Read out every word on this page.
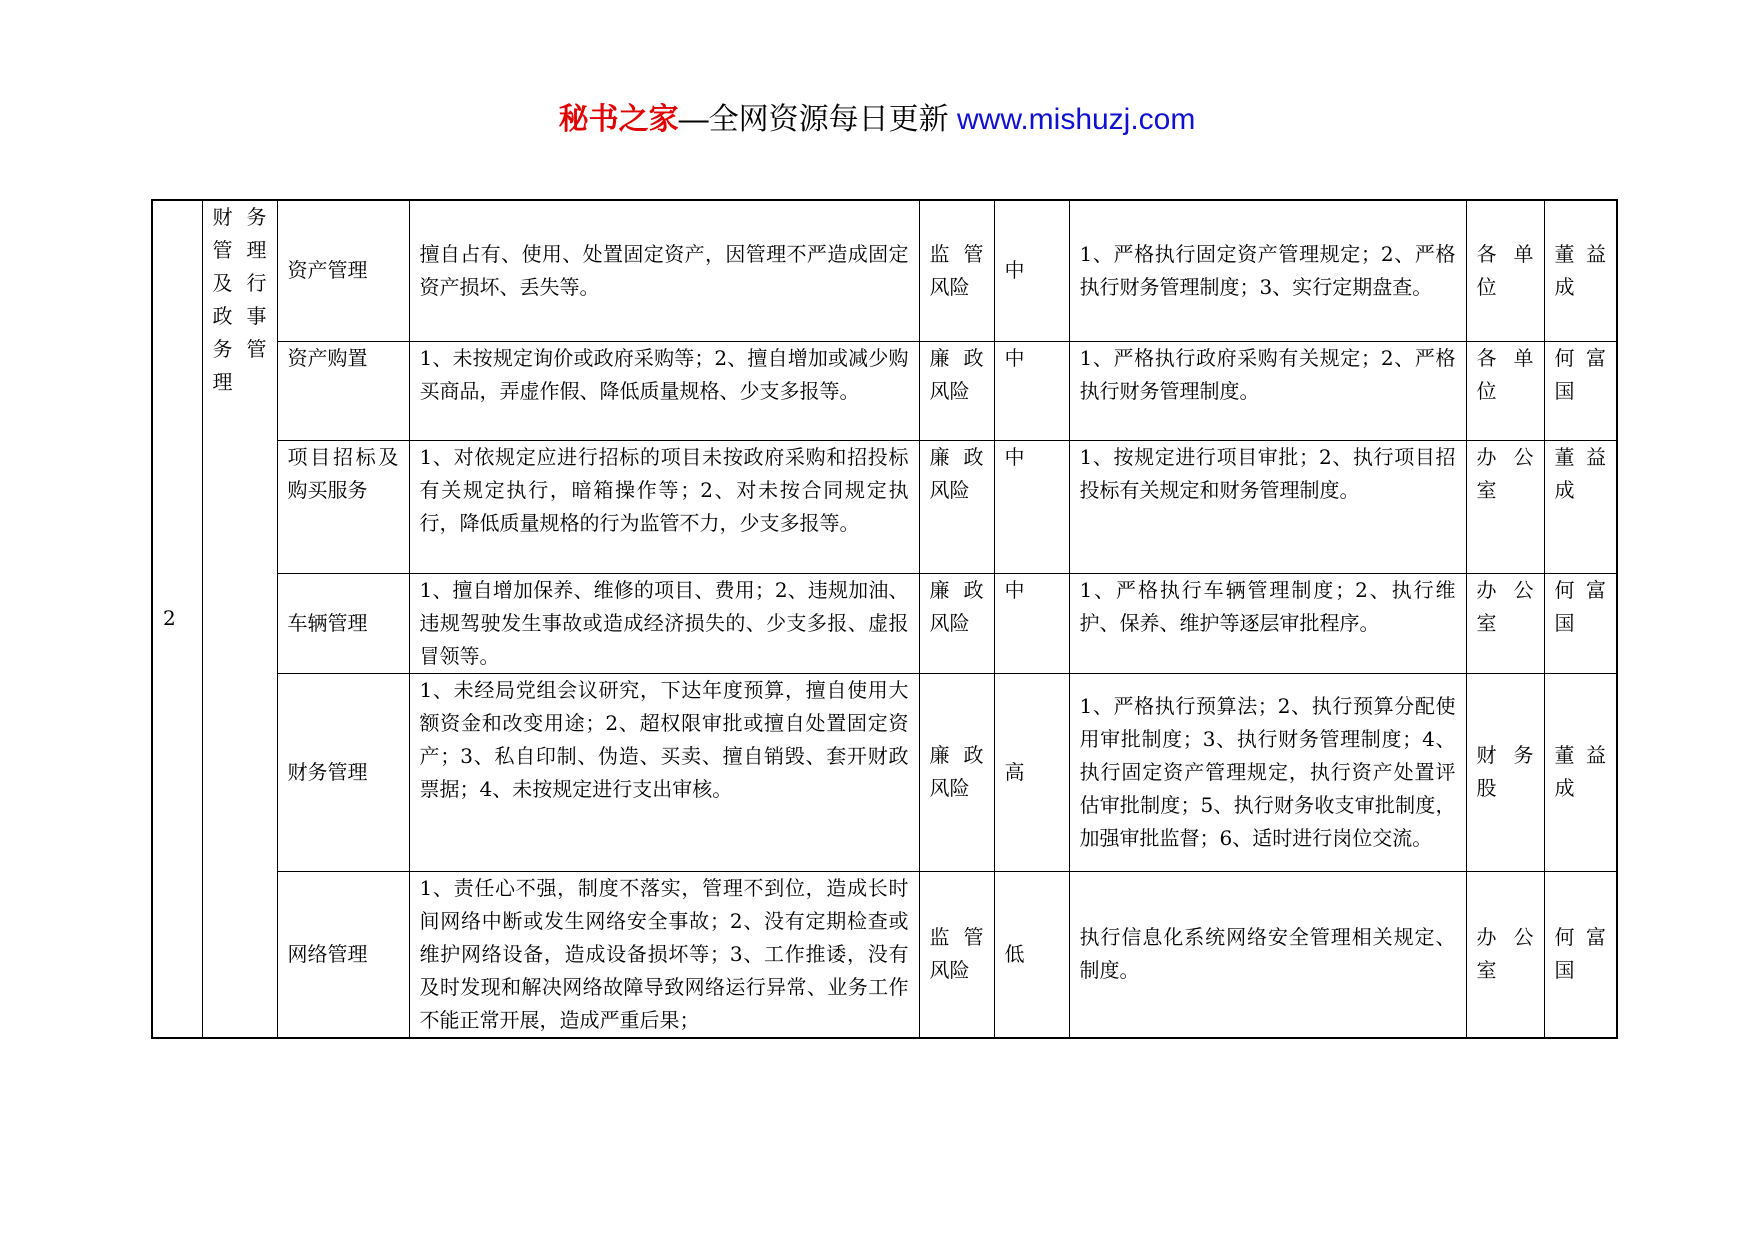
秘书之家—全网资源每日更新 www.mishuzj.com
2	财务管理及行政事务管理	资产管理	擅自占有、使用、处置固定资产，因管理不严造成固定资产损坏、丢失等。	监管风险	中	1、严格执行固定资产管理规定；2、严格执行财务管理制度；3、实行定期盘查。	各单位	董益成
		资产购置	1、未按规定询价或政府采购等；2、擅自增加或减少购买商品，弄虚作假、降低质量规格、少支多报等。	廉政风险	中	1、严格执行政府采购有关规定；2、严格执行财务管理制度。	各单位	何富国
		项目招标及购买服务	1、对依规定应进行招标的项目未按政府采购和招投标有关规定执行，暗箱操作等；2、对未按合同规定执行，降低质量规格的行为监管不力，少支多报等。	廉政风险	中	1、按规定进行项目审批；2、执行项目招投标有关规定和财务管理制度。	办公室	董益成
		车辆管理	1、擅自增加保养、维修的项目、费用；2、违规加油、违规驾驶发生事故或造成经济损失的、少支多报、虚报冒领等。	廉政风险	中	1、严格执行车辆管理制度；2、执行维护、保养、维护等逐层审批程序。	办公室	何富国
		财务管理	1、未经局党组会议研究，下达年度预算，擅自使用大额资金和改变用途；2、超权限审批或擅自处置固定资产；3、私自印制、伪造、买卖、擅自销毁、套开财政票据；4、未按规定进行支出审核。	廉政风险	高	1、严格执行预算法；2、执行预算分配使用审批制度；3、执行财务管理制度；4、执行固定资产管理规定，执行资产处置评估审批制度；5、执行财务收支审批制度，加强审批监督；6、适时进行岗位交流。	财务股	董益成
		网络管理	1、责任心不强，制度不落实，管理不到位，造成长时间网络中断或发生网络安全事故；2、没有定期检查或维护网络设备，造成设备损坏等；3、工作推诿，没有及时发现和解决网络故障导致网络运行异常、业务工作不能正常开展，造成严重后果；	监管风险	低	执行信息化系统网络安全管理相关规定、制度。	办公室	何富国
